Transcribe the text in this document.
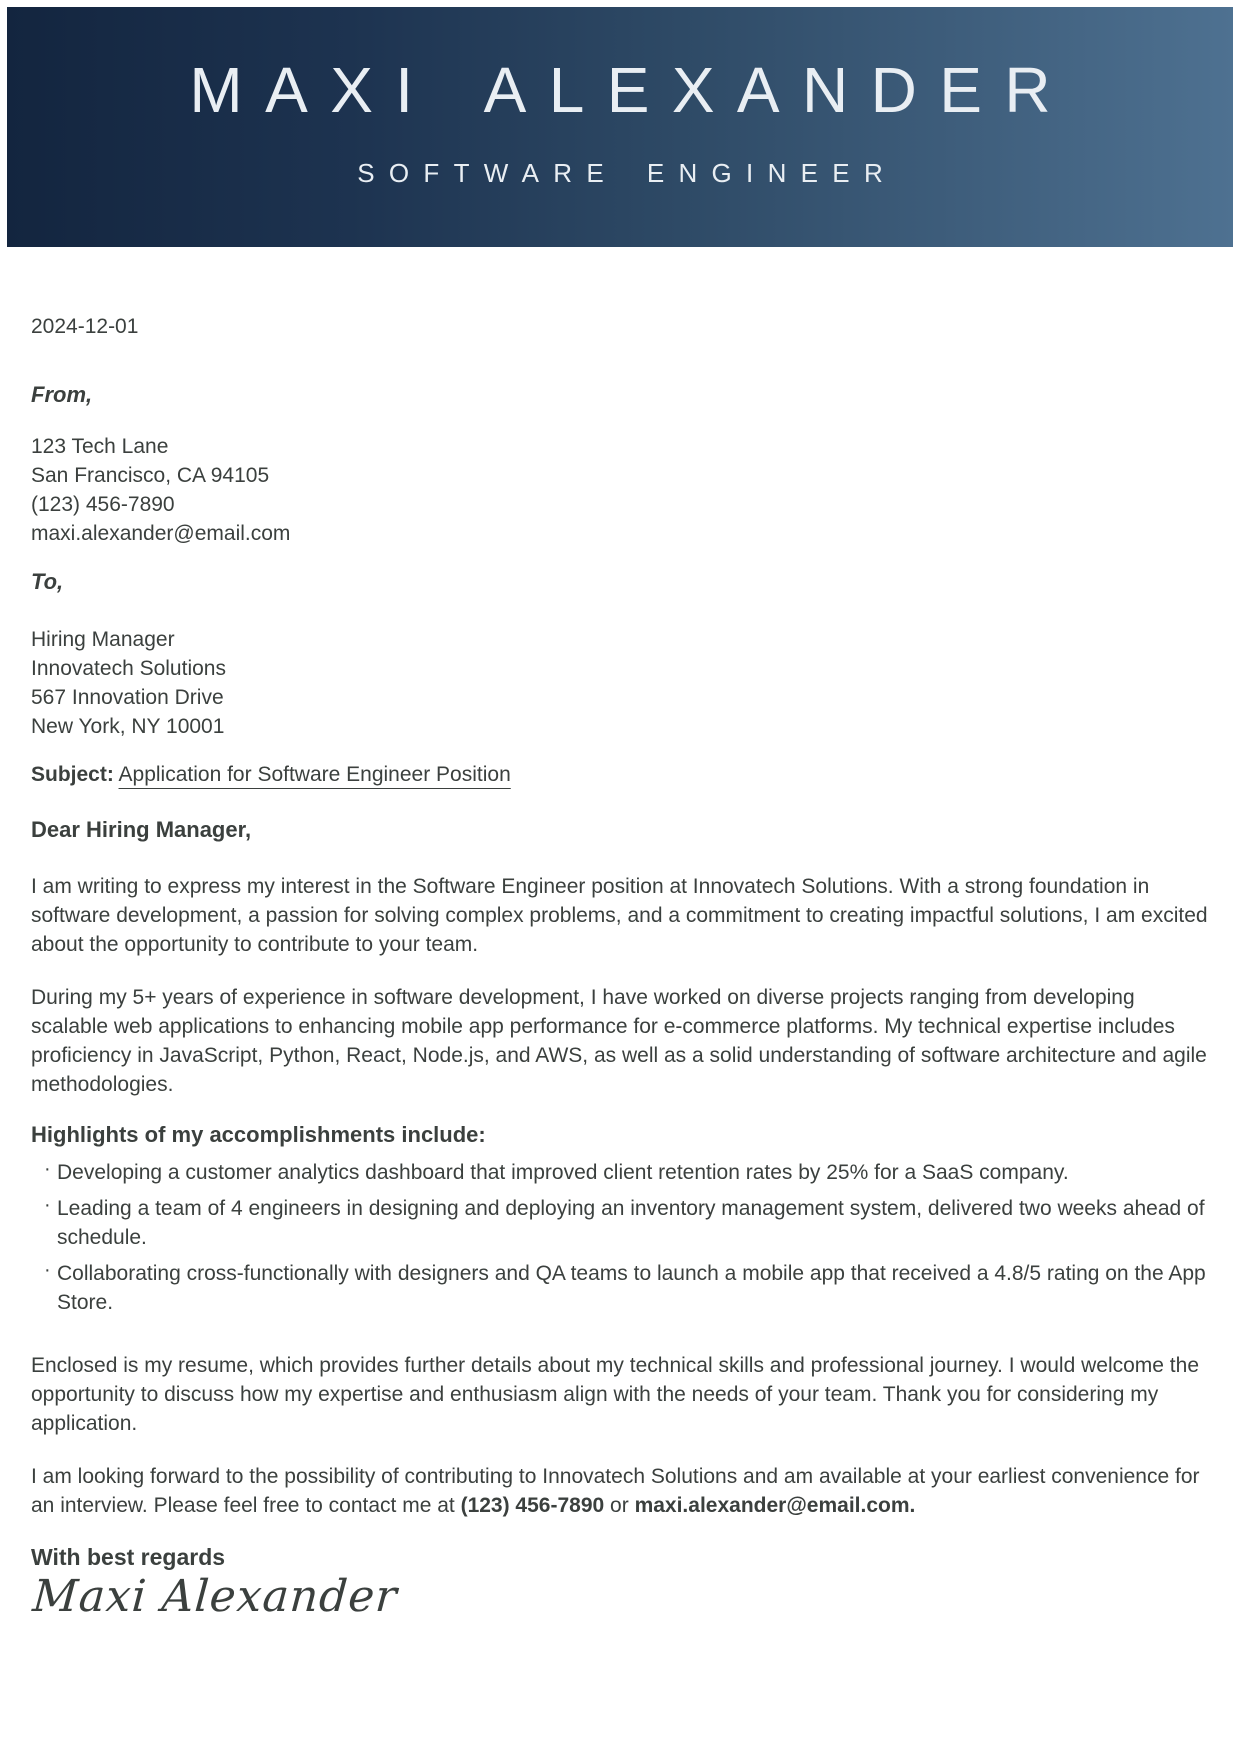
MAXI ALEXANDER
SOFTWARE ENGINEER
2024-12-01
From,
123 Tech Lane
San Francisco, CA 94105
(123) 456-7890
maxi.alexander@email.com
To,
Hiring Manager
Innovatech Solutions
567 Innovation Drive
New York, NY 10001
Subject: Application for Software Engineer Position
Dear Hiring Manager,

I am writing to express my interest in the Software Engineer position at Innovatech Solutions. With a strong foundation in software development, a passion for solving complex problems, and a commitment to creating impactful solutions, I am excited about the opportunity to contribute to your team.

During my 5+ years of experience in software development, I have worked on diverse projects ranging from developing scalable web applications to enhancing mobile app performance for e-commerce platforms. My technical expertise includes proficiency in JavaScript, Python, React, Node.js, and AWS, as well as a solid understanding of software architecture and agile methodologies.

Highlights of my accomplishments include:
· Developing a customer analytics dashboard that improved client retention rates by 25% for a SaaS company.
· Leading a team of 4 engineers in designing and deploying an inventory management system, delivered two weeks ahead of schedule.
· Collaborating cross-functionally with designers and QA teams to launch a mobile app that received a 4.8/5 rating on the App Store.

Enclosed is my resume, which provides further details about my technical skills and professional journey. I would welcome the opportunity to discuss how my expertise and enthusiasm align with the needs of your team. Thank you for considering my application.

I am looking forward to the possibility of contributing to Innovatech Solutions and am available at your earliest convenience for an interview. Please feel free to contact me at (123) 456-7890 or maxi.alexander@email.com.

With best regards
Maxi Alexander
